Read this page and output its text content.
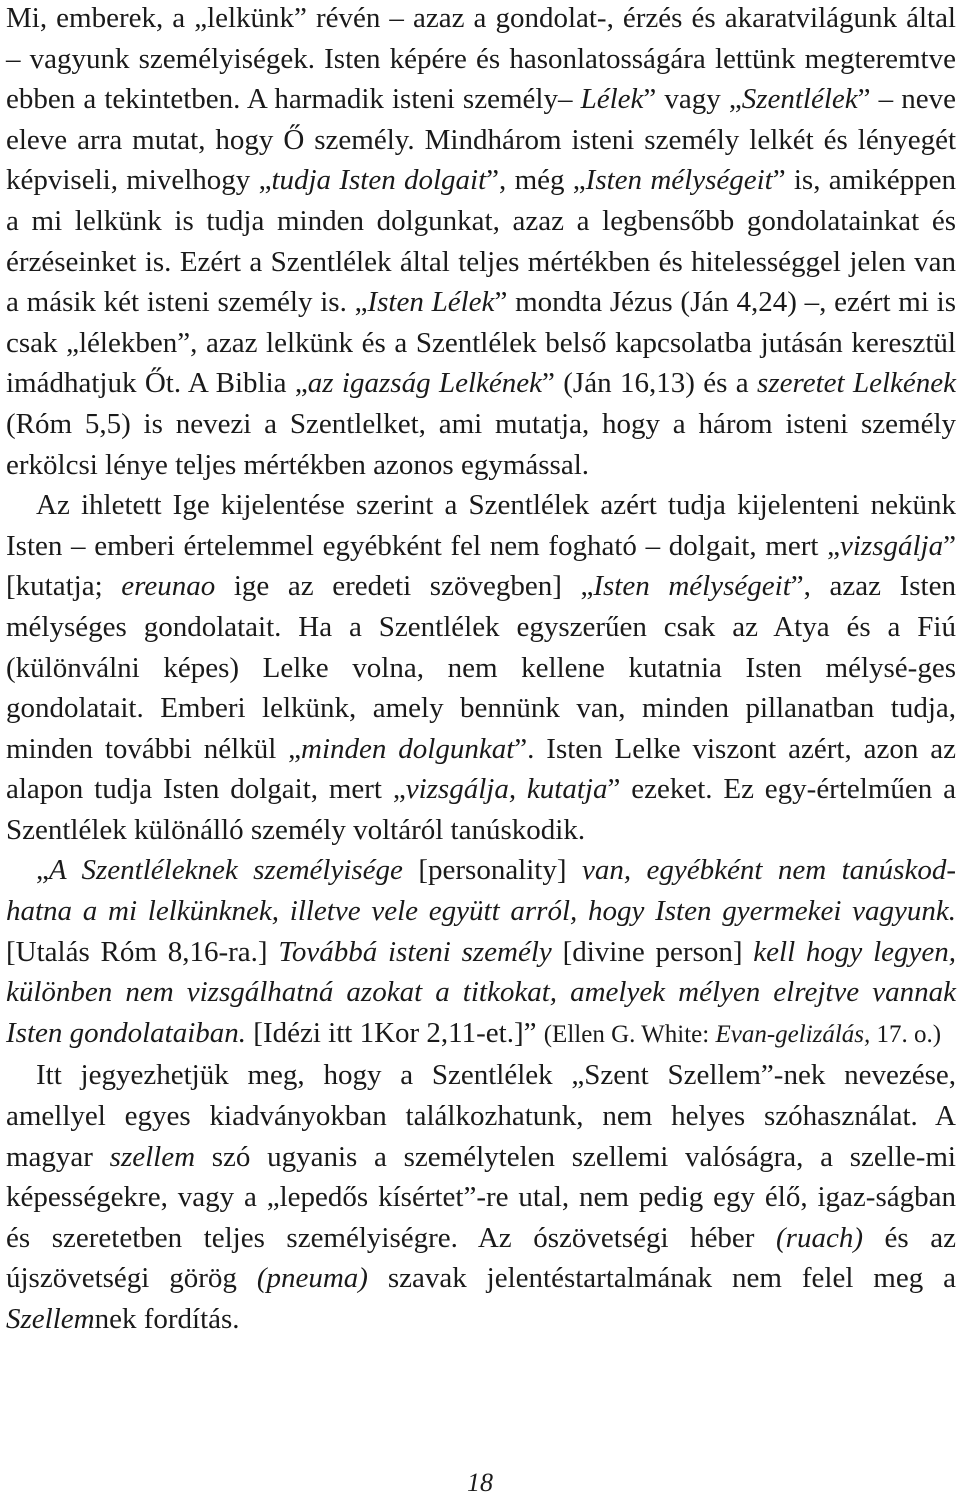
Mi, emberek, a „lelkünk” révén – azaz a gondolat-, érzés és akaratvilágunk által – vagyunk személyiségek. Isten képére és hasonlatosságára lettünk megteremtve ebben a tekintetben. A harmadik isteni személy– Lélek” vagy „Szentlélek” – neve eleve arra mutat, hogy Ő személy. Mindhárom isteni személy lelkét és lényegét képviseli, mivelhogy „tudja Isten dolgait”, még „Isten mélységeit” is, amiképpen a mi lelkünk is tudja minden dolgunkat, azaz a legbensőbb gondolatainkat és érzéseinket is. Ezért a Szentlélek által teljes mértékben és hitelességgel jelen van a másik két isteni személy is. „Isten Lélek” mondta Jézus (Ján 4,24) –, ezért mi is csak „lélekben”, azaz lelkünk és a Szentlélek belső kapcsolatba jutásán keresztül imádhatjuk Őt. A Biblia „az igazság Lelkének” (Ján 16,13) és a szeretet Lelkének (Róm 5,5) is nevezi a Szentlelket, ami mutatja, hogy a három isteni személy erkölcsi lénye teljes mértékben azonos egymással.

Az ihletett Ige kijelentése szerint a Szentlélek azért tudja kijelenteni nekünk Isten – emberi értelemmel egyébként fel nem fogható – dolgait, mert „vizsgálja” [kutatja; ereunao ige az eredeti szövegben] „Isten mélységeit”, azaz Isten mélységes gondolatait. Ha a Szentlélek egyszerűen csak az Atya és a Fiú (különválni képes) Lelke volna, nem kellene kutatnia Isten mélysé-ges gondolatait. Emberi lelkünk, amely bennünk van, minden pillanatban tudja, minden további nélkül „minden dolgunkat”. Isten Lelke viszont azért, azon az alapon tudja Isten dolgait, mert „vizsgálja, kutatja” ezeket. Ez egy-értelműen a Szentlélek különálló személy voltáról tanúskodik.

„A Szentléleknek személyisége [personality] van, egyébként nem tanúskod-hatna a mi lelkünknek, illetve vele együtt arról, hogy Isten gyermekei vagyunk. [Utalás Róm 8,16-ra.] Továbbá isteni személy [divine person] kell hogy legyen, különben nem vizsgálhatná azokat a titkokat, amelyek mélyen elrejtve vannak Isten gondolataiban. [Idézi itt 1Kor 2,11-et.]” (Ellen G. White: Evan-gelizálás, 17. o.)

Itt jegyezhetjük meg, hogy a Szentlélek „Szent Szellem”-nek nevezése, amellyel egyes kiadványokban találkozhatunk, nem helyes szóhasználat. A magyar szellem szó ugyanis a személytelen szellemi valóságra, a szelle-mi képességekre, vagy a „lepedős kísértet”-re utal, nem pedig egy élő, igaz-ságban és szeretetben teljes személyiségre. Az ószövetségi héber (ruach) és az újszövetségi görög (pneuma) szavak jelentéstartalmának nem felel meg a Szellemnek fordítás.

18
